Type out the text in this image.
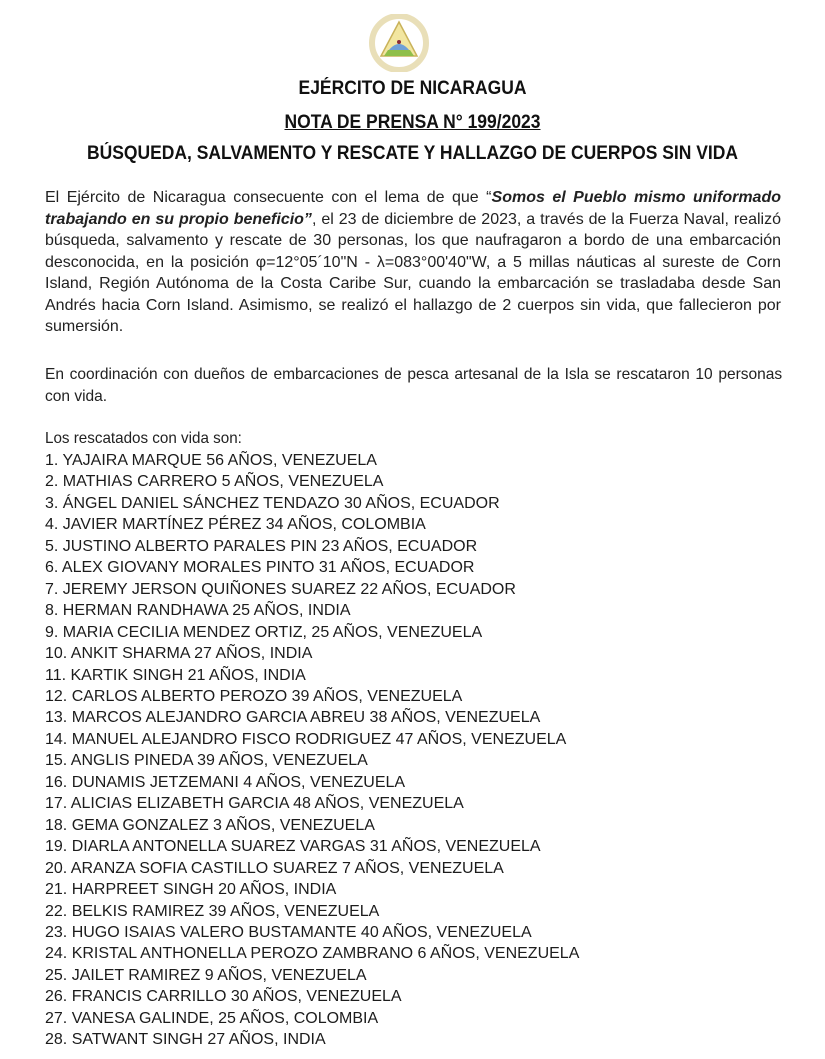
EJÉRCITO DE NICARAGUA
NOTA DE PRENSA N° 199/2023
BÚSQUEDA, SALVAMENTO Y RESCATE Y HALLAZGO DE CUERPOS SIN VIDA
El Ejército de Nicaragua consecuente con el lema de que “Somos el Pueblo mismo uniformado trabajando en su propio beneficio”, el 23 de diciembre de 2023, a través de la Fuerza Naval, realizó búsqueda, salvamento y rescate de 30 personas, los que naufragaron a bordo de una embarcación desconocida, en la posición φ=12°05´10"N - λ=083°00'40"W, a 5 millas náuticas al sureste de Corn Island, Región Autónoma de la Costa Caribe Sur, cuando la embarcación se trasladaba desde San Andrés hacia Corn Island. Asimismo, se realizó el hallazgo de 2 cuerpos sin vida, que fallecieron por sumersión.
En coordinación con dueños de embarcaciones de pesca artesanal de la Isla se rescataron 10 personas con vida.
Los rescatados con vida son:
1. YAJAIRA MARQUE 56 AÑOS, VENEZUELA
2. MATHIAS CARRERO 5 AÑOS, VENEZUELA
3. ÁNGEL DANIEL SÁNCHEZ TENDAZO 30 AÑOS, ECUADOR
4. JAVIER MARTÍNEZ PÉREZ 34 AÑOS, COLOMBIA
5. JUSTINO ALBERTO PARALES PIN 23 AÑOS, ECUADOR
6. ALEX GIOVANY MORALES PINTO 31 AÑOS, ECUADOR
7. JEREMY JERSON QUIÑONES SUAREZ 22 AÑOS, ECUADOR
8. HERMAN RANDHAWA 25 AÑOS, INDIA
9. MARIA CECILIA MENDEZ ORTIZ, 25 AÑOS, VENEZUELA
10. ANKIT SHARMA 27 AÑOS, INDIA
11. KARTIK SINGH 21 AÑOS, INDIA
12. CARLOS ALBERTO PEROZO 39 AÑOS, VENEZUELA
13. MARCOS ALEJANDRO GARCIA ABREU 38 AÑOS, VENEZUELA
14. MANUEL ALEJANDRO FISCO RODRIGUEZ 47 AÑOS, VENEZUELA
15. ANGLIS PINEDA 39 AÑOS, VENEZUELA
16. DUNAMIS JETZEMANI 4 AÑOS, VENEZUELA
17. ALICIAS ELIZABETH GARCIA 48 AÑOS, VENEZUELA
18. GEMA GONZALEZ 3 AÑOS, VENEZUELA
19. DIARLA ANTONELLA SUAREZ VARGAS 31 AÑOS, VENEZUELA
20. ARANZA SOFIA CASTILLO SUAREZ 7 AÑOS, VENEZUELA
21. HARPREET SINGH 20 AÑOS, INDIA
22. BELKIS RAMIREZ 39 AÑOS, VENEZUELA
23. HUGO ISAIAS VALERO BUSTAMANTE 40 AÑOS, VENEZUELA
24. KRISTAL ANTHONELLA PEROZO ZAMBRANO 6 AÑOS, VENEZUELA
25. JAILET RAMIREZ 9 AÑOS, VENEZUELA
26. FRANCIS CARRILLO 30 AÑOS, VENEZUELA
27. VANESA GALINDE, 25 AÑOS, COLOMBIA
28. SATWANT SINGH 27 AÑOS, INDIA
